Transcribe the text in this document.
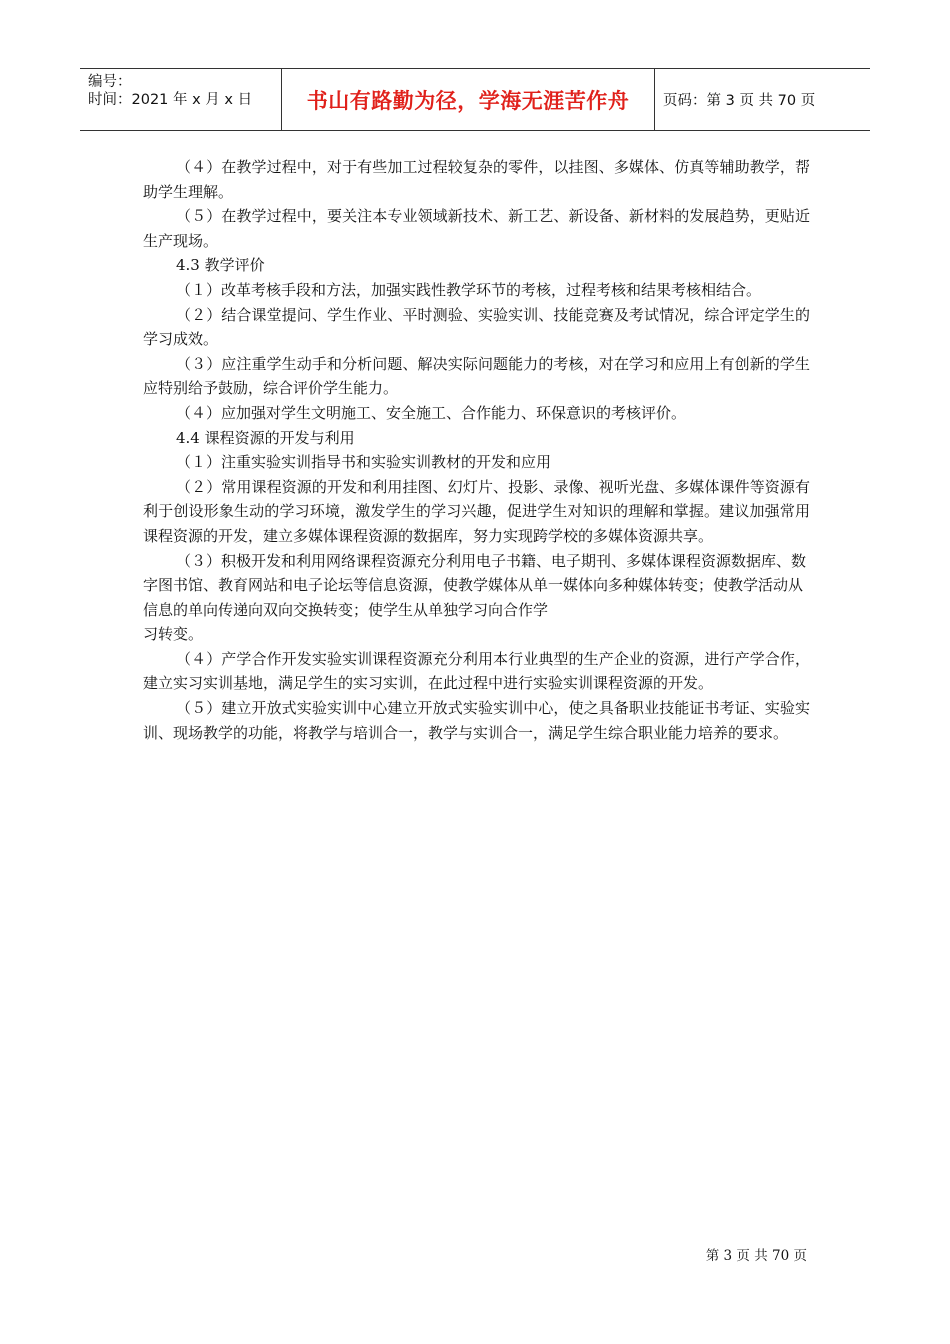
编号：
时间：2021 年 x 月 x 日	书山有路勤为径，学海无涯苦作舟 页码：第 3 页 共 70 页

（４）在教学过程中，对于有些加工过程较复杂的零件，以挂图、多媒体、仿真等辅助教学，帮助学生理解。

（５）在教学过程中，要关注本专业领域新技术、新工艺、新设备、新材料的发展趋势，更贴近生产现场。

4.3 教学评价

（１）改革考核手段和方法，加强实践性教学环节的考核，过程考核和结果考核相结合。

（２）结合课堂提问、学生作业、平时测验、实验实训、技能竞赛及考试情况，综合评定学生的学习成效。

（３）应注重学生动手和分析问题、解决实际问题能力的考核，对在学习和应用上有创新的学生应特别给予鼓励，综合评价学生能力。

（４）应加强对学生文明施工、安全施工、合作能力、环保意识的考核评价。

4.4 课程资源的开发与利用

（１）注重实验实训指导书和实验实训教材的开发和应用

（２）常用课程资源的开发和利用挂图、幻灯片、投影、录像、视听光盘、多媒体课件等资源有利于创设形象生动的学习环境，激发学生的学习兴趣，促进学生对知识的理解和掌握。建议加强常用课程资源的开发，建立多媒体课程资源的数据库，努力实现跨学校的多媒体资源共享。

（３）积极开发和利用网络课程资源充分利用电子书籍、电子期刊、多媒体课程资源数据库、数字图书馆、教育网站和电子论坛等信息资源，使教学媒体从单一媒体向多种媒体转变；使教学活动从信息的单向传递向双向交换转变；使学生从单独学习向合作学

习转变。

（４）产学合作开发实验实训课程资源充分利用本行业典型的生产企业的资源，进行产学合作，建立实习实训基地，满足学生的实习实训，在此过程中进行实验实训课程资源的开发。

（５）建立开放式实验实训中心建立开放式实验实训中心，使之具备职业技能证书考证、实验实训、现场教学的功能，将教学与培训合一，教学与实训合一，满足学生综合职业能力培养的要求。

第 3 页 共 70 页
